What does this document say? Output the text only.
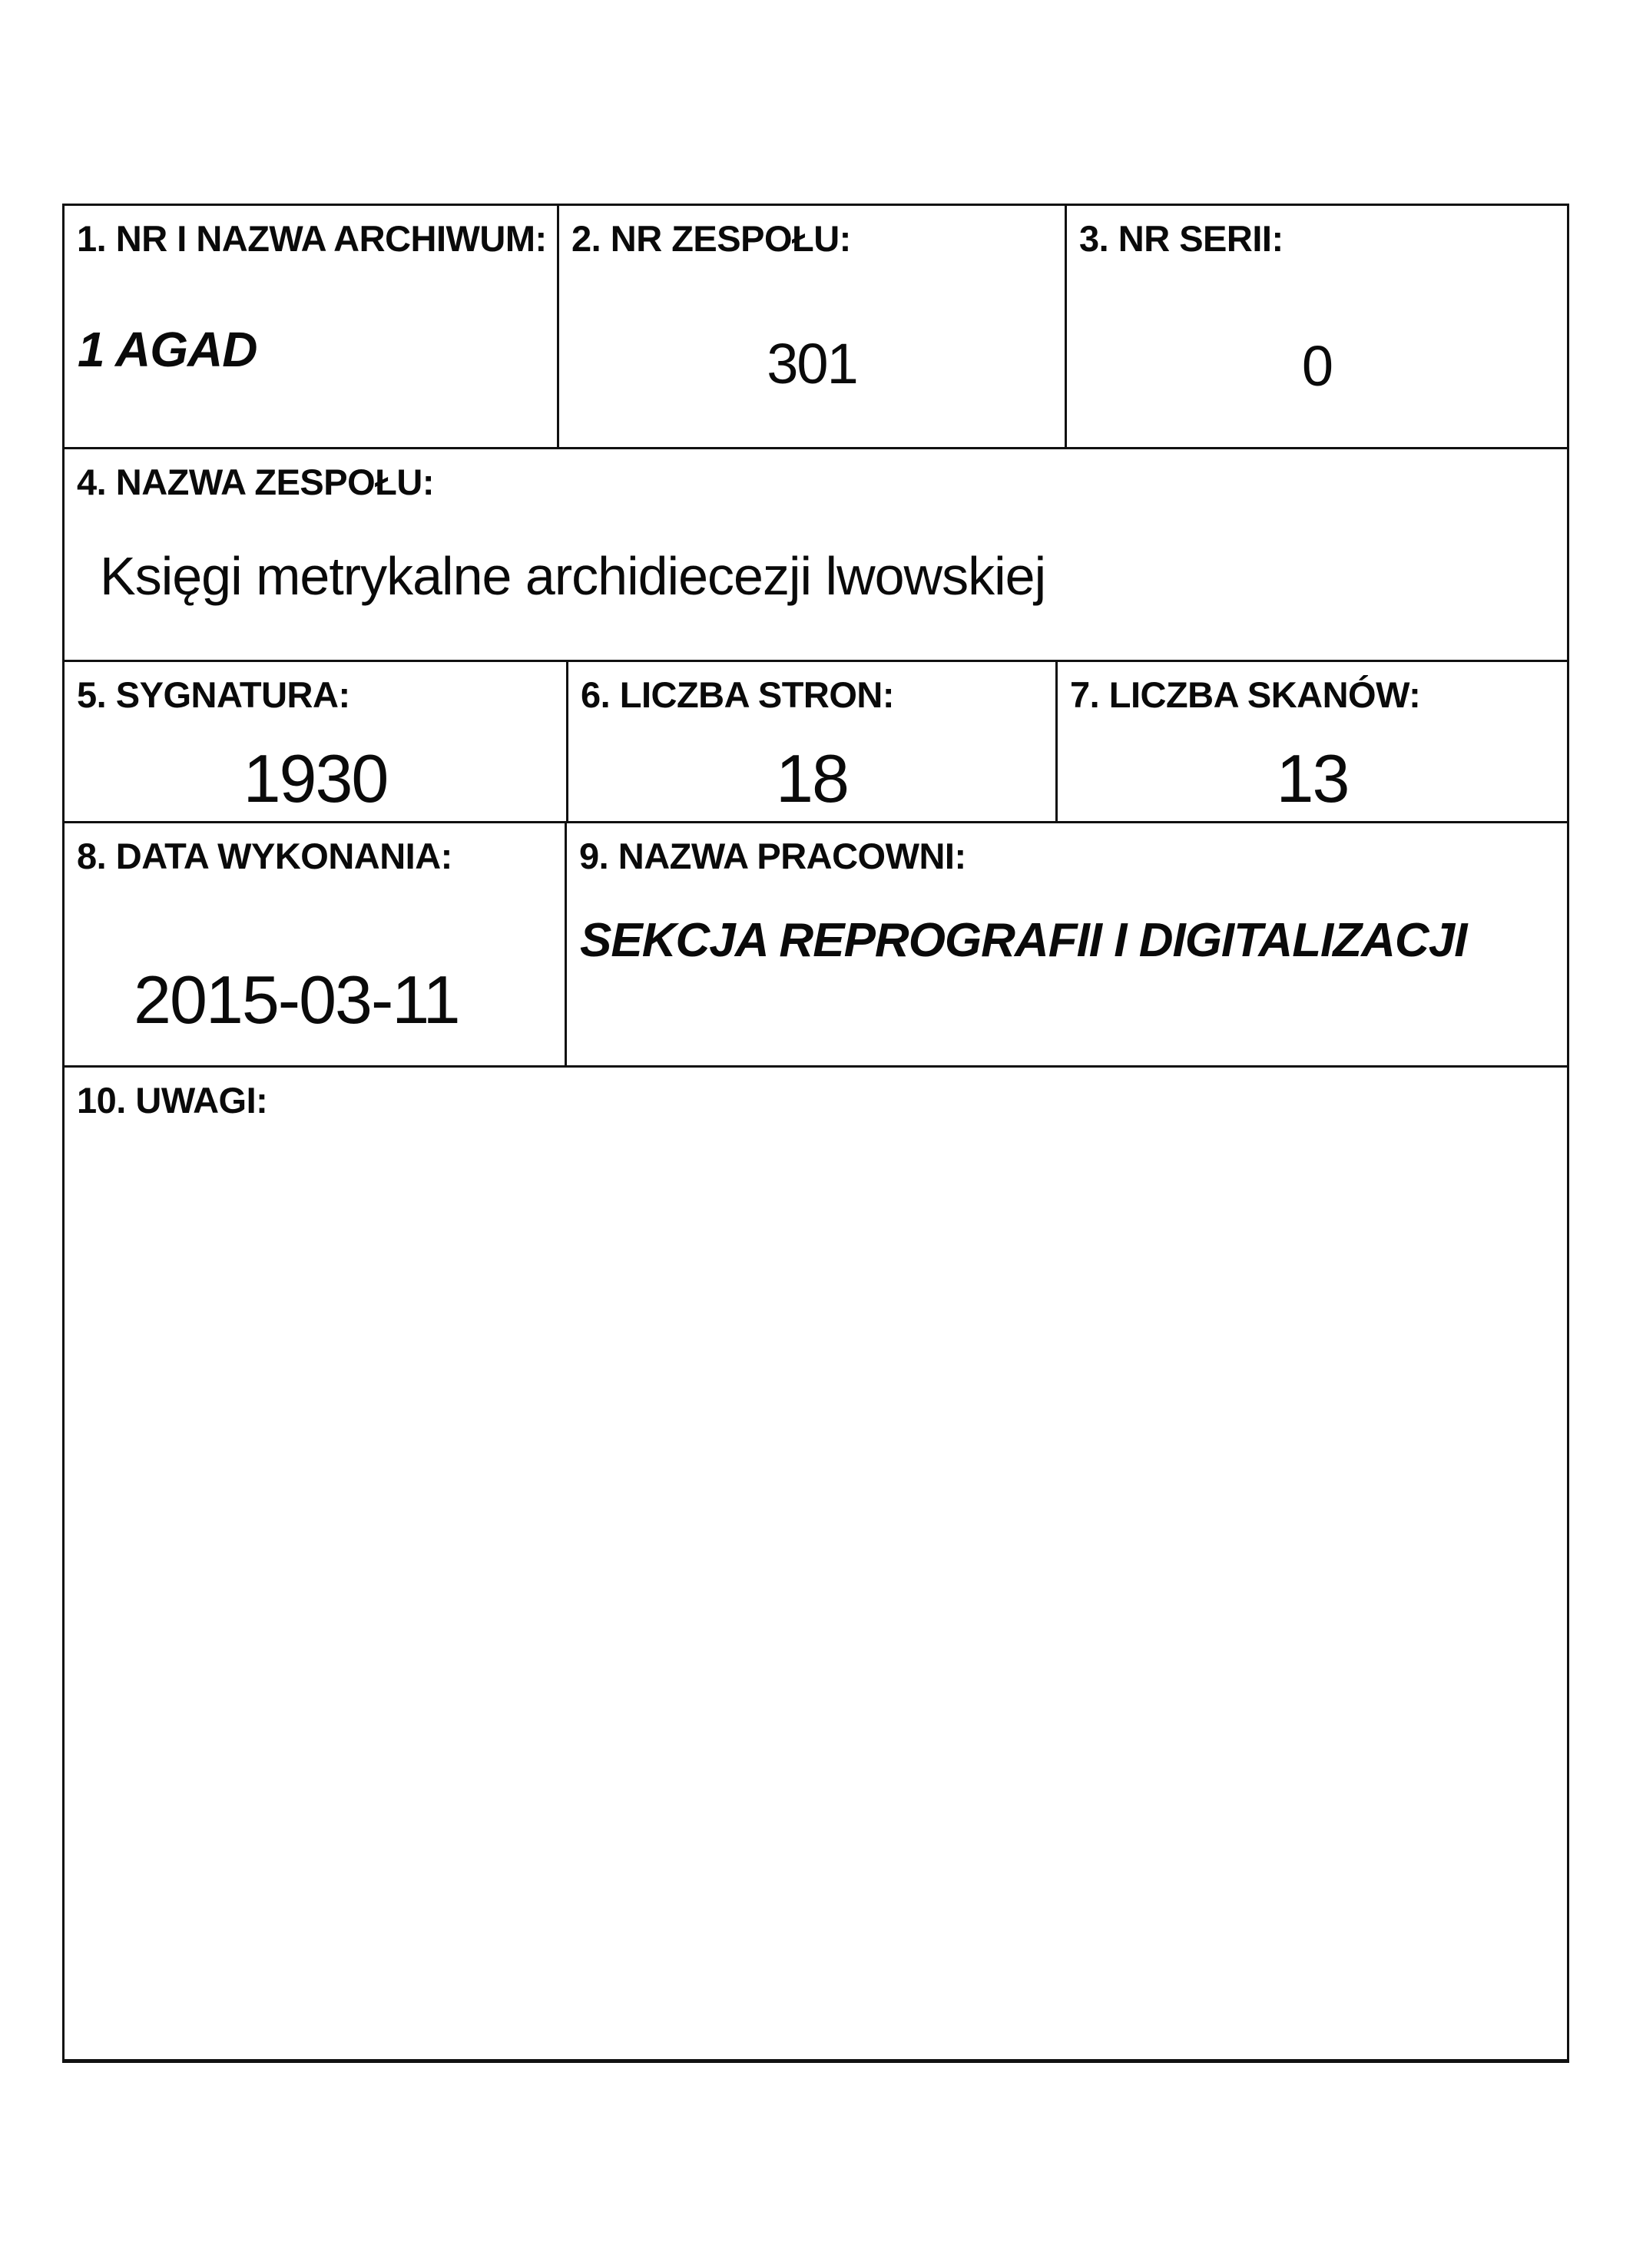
1. NR I NAZWA ARCHIWUM:
1 AGAD
2. NR ZESPOŁU:
301
3. NR SERII:
0
4. NAZWA ZESPOŁU:
Księgi metrykalne archidiecezji lwowskiej
5. SYGNATURA:
1930
6. LICZBA STRON:
18
7. LICZBA SKANÓW:
13
8. DATA WYKONANIA:
2015-03-11
9. NAZWA PRACOWNI:
SEKCJA REPROGRAFII I DIGITALIZACJI
10. UWAGI:
